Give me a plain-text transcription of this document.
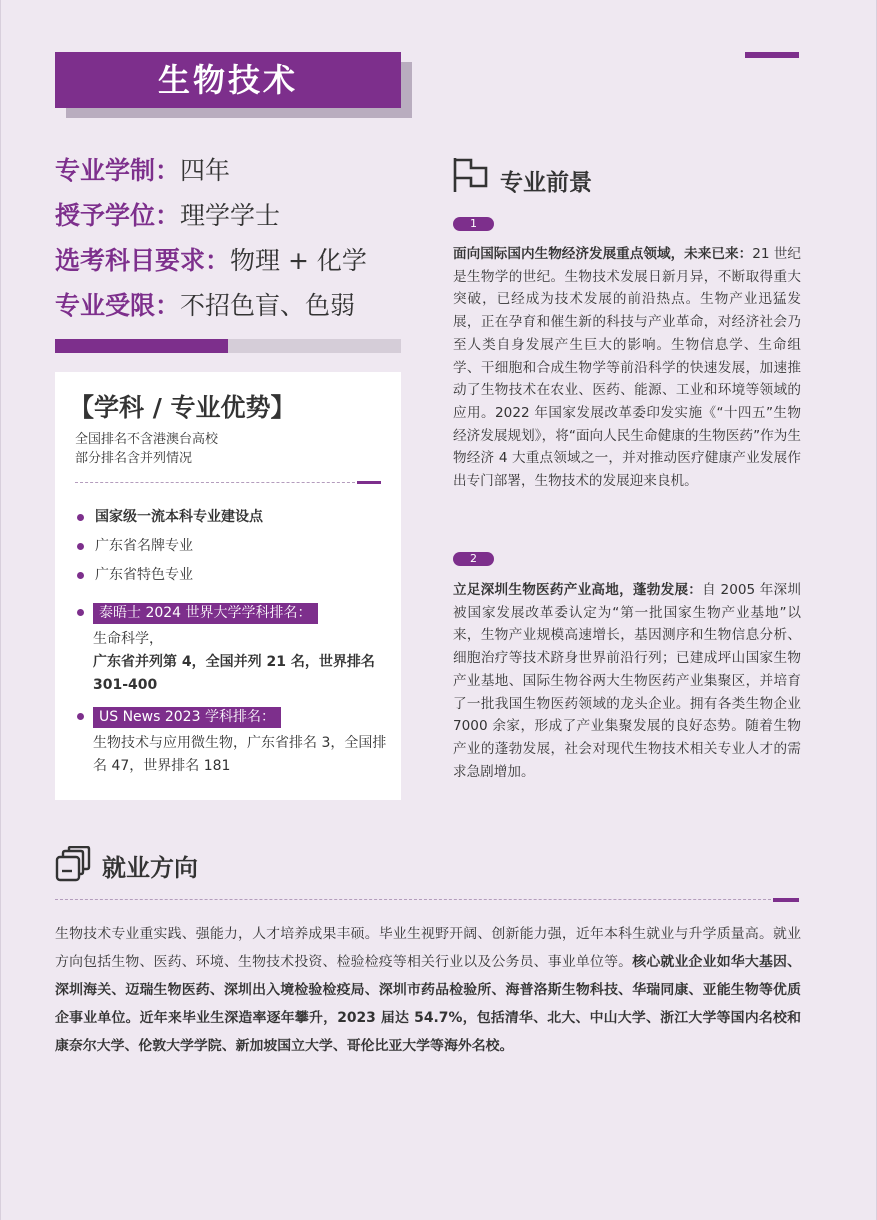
生物技术
专业学制：四年
授予学位：理学学士
选考科目要求：物理 + 化学
专业受限：不招色盲、色弱
【学科 / 专业优势】
全国排名不含港澳台高校
部分排名含并列情况
国家级一流本科专业建设点
广东省名牌专业
广东省特色专业
泰晤士 2024 世界大学学科排名：
生命科学，
广东省并列第 4，全国并列 21 名，世界排名 301-400
US News 2023 学科排名：
生物技术与应用微生物，广东省排名 3，全国排名 47，世界排名 181
专业前景
1
面向国际国内生物经济发展重点领域，未来已来：21 世纪是生物学的世纪。生物技术发展日新月异，不断取得重大突破，已经成为技术发展的前沿热点。生物产业迅猛发展，正在孕育和催生新的科技与产业革命，对经济社会乃至人类自身发展产生巨大的影响。生物信息学、生命组学、干细胞和合成生物学等前沿科学的快速发展，加速推动了生物技术在农业、医药、能源、工业和环境等领域的应用。2022 年国家发展改革委印发实施《“十四五”生物经济发展规划》，将“面向人民生命健康的生物医药”作为生物经济 4 大重点领域之一，并对推动医疗健康产业发展作出专门部署，生物技术的发展迎来良机。
2
立足深圳生物医药产业高地，蓬勃发展：自 2005 年深圳被国家发展改革委认定为“第一批国家生物产业基地”以来，生物产业规模高速增长，基因测序和生物信息分析、细胞治疗等技术跻身世界前沿行列；已建成坪山国家生物产业基地、国际生物谷两大生物医药产业集聚区，并培育了一批我国生物医药领域的龙头企业。拥有各类生物企业 7000 余家，形成了产业集聚发展的良好态势。随着生物产业的蓬勃发展，社会对现代生物技术相关专业人才的需求急剧增加。
就业方向
生物技术专业重实践、强能力，人才培养成果丰硕。毕业生视野开阔、创新能力强，近年本科生就业与升学质量高。就业方向包括生物、医药、环境、生物技术投资、检验检疫等相关行业以及公务员、事业单位等。核心就业企业如华大基因、深圳海关、迈瑞生物医药、深圳出入境检验检疫局、深圳市药品检验所、海普洛斯生物科技、华瑞同康、亚能生物等优质企事业单位。近年来毕业生深造率逐年攀升，2023 届达 54.7%，包括清华、北大、中山大学、浙江大学等国内名校和康奈尔大学、伦敦大学学院、新加坡国立大学、哥伦比亚大学等海外名校。
